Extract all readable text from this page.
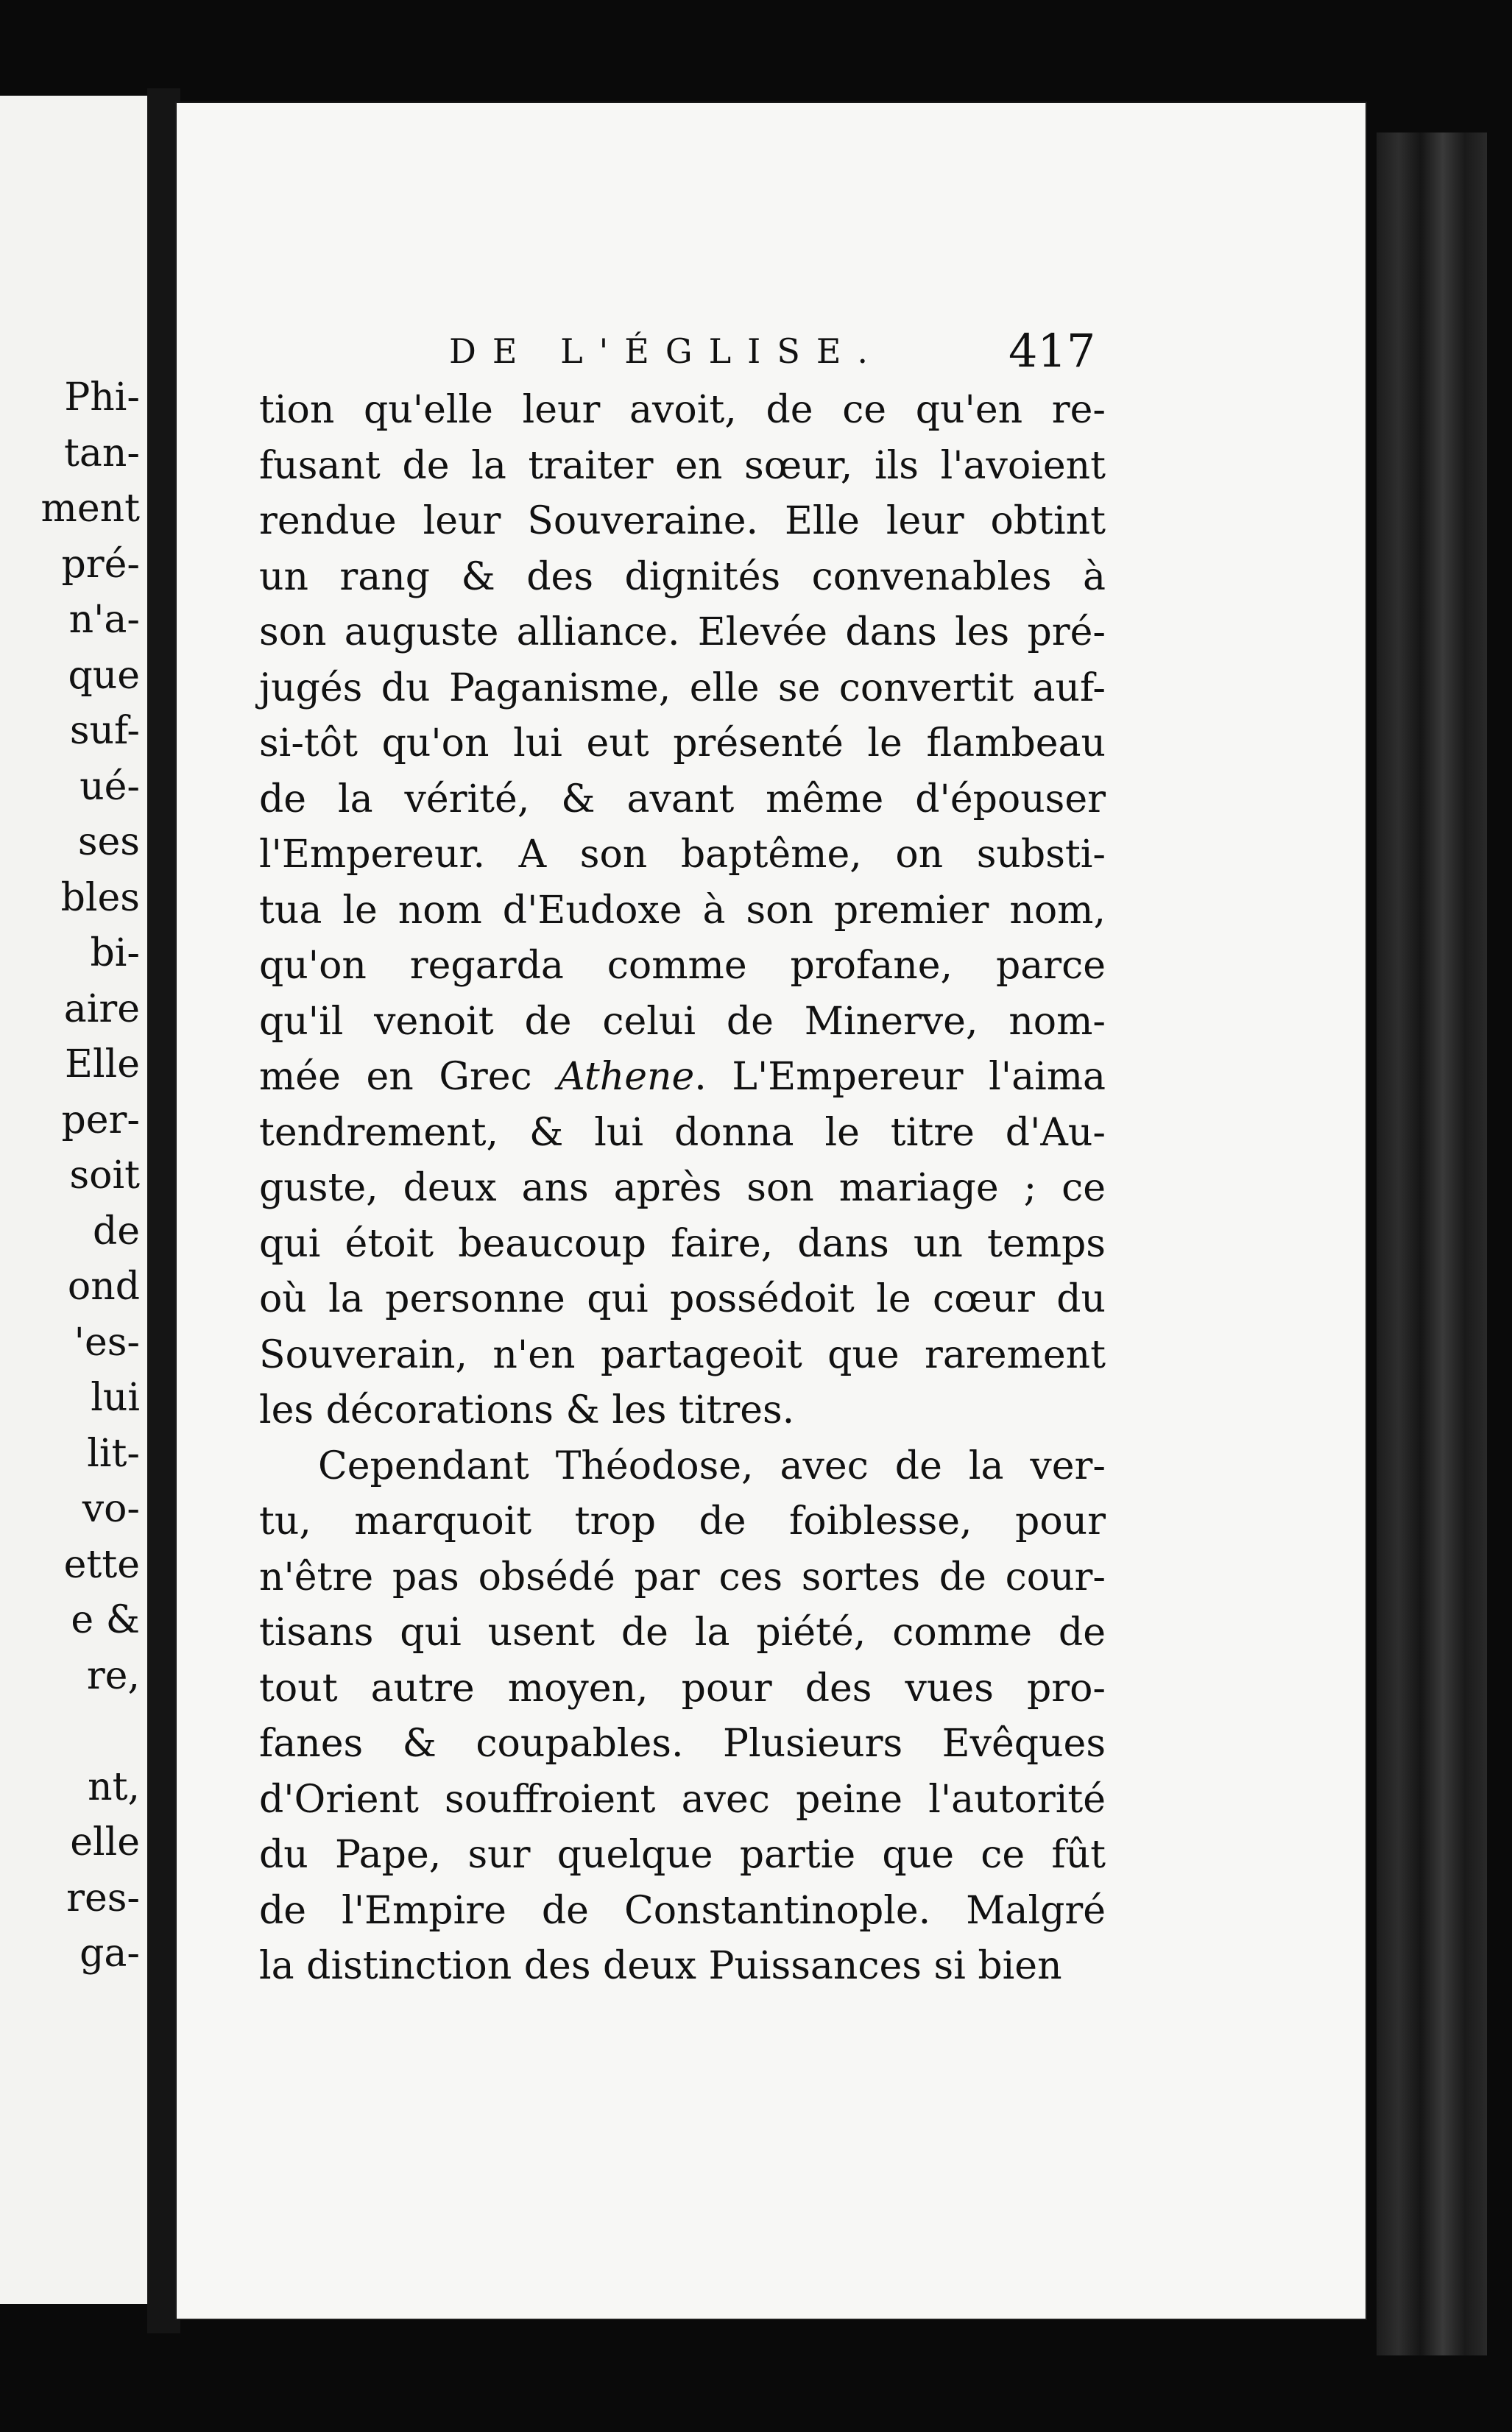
Phi-
tan-
ment
pré-
n'a-
que
suf-
ué-
ses
bles
bi-
aire
Elle
per-
soit
de
ond
'es-
lui
lit-
vo-
ette
e &
re,
nt,
elle
res-
ga-
DE L'ÉGLISE.	417
tion qu'elle leur avoit, de ce qu'en re-
fusant de la traiter en sœur, ils l'avoient
rendue leur Souveraine. Elle leur obtint
un rang & des dignités convenables à
son auguste alliance. Elevée dans les pré-
jugés du Paganisme, elle se convertit auf-
si-tôt qu'on lui eut présenté le flambeau
de la vérité, & avant même d'épouser
l'Empereur. A son baptême, on substi-
tua le nom d'Eudoxe à son premier nom,
qu'on regarda comme profane, parce
qu'il venoit de celui de Minerve, nom-
mée en Grec Athene. L'Empereur l'aima
tendrement, & lui donna le titre d'Au-
guste, deux ans après son mariage ; ce
qui étoit beaucoup faire, dans un temps
où la personne qui possédoit le cœur du
Souverain, n'en partageoit que rarement
les décorations & les titres.
Cependant Théodose, avec de la ver-
tu, marquoit trop de foiblesse, pour
n'être pas obsédé par ces sortes de cour-
tisans qui usent de la piété, comme de
tout autre moyen, pour des vues pro-
fanes & coupables. Plusieurs Evêques
d'Orient souffroient avec peine l'autorité
du Pape, sur quelque partie que ce fût
de l'Empire de Constantinople. Malgré
la distinction des deux Puissances si bien
